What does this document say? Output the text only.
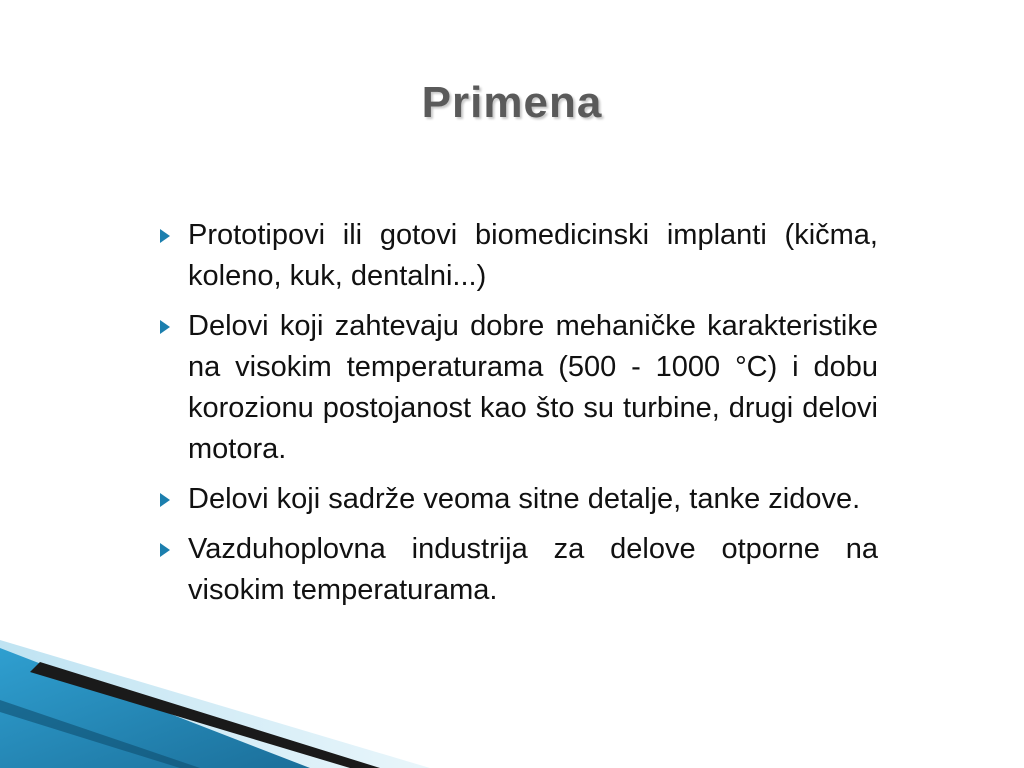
Primena
Prototipovi ili gotovi biomedicinski implanti (kičma, koleno, kuk, dentalni...)
Delovi koji zahtevaju dobre mehaničke karakteristike na visokim temperaturama (500 - 1000 °C) i dobu korozionu postojanost kao što su turbine, drugi delovi motora.
Delovi koji sadrže veoma sitne detalje, tanke zidove.
Vazduhoplovna industrija za delove otporne na visokim temperaturama.
